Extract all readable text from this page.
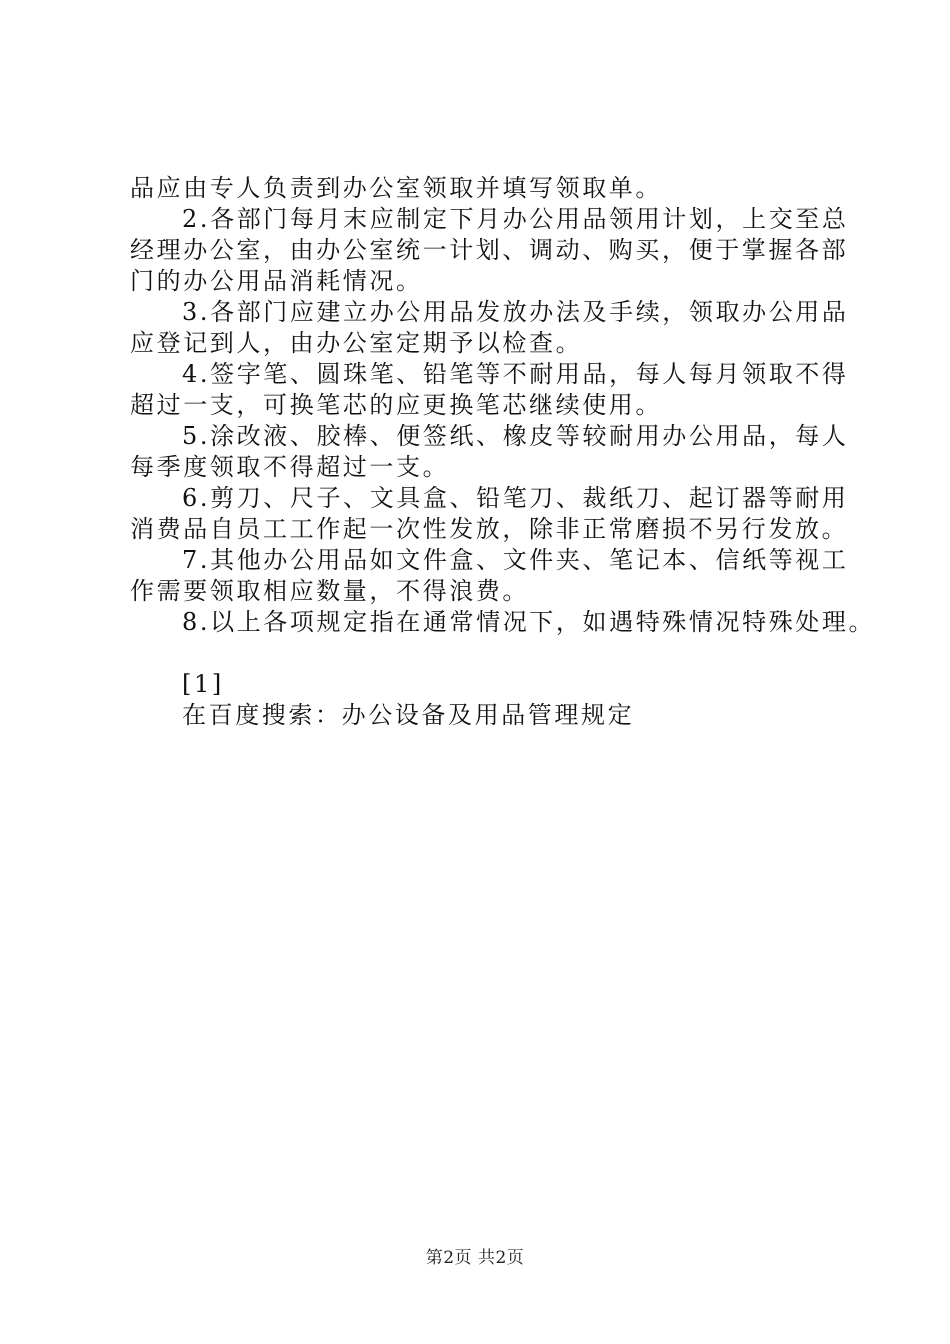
品应由专人负责到办公室领取并填写领取单。
2.各部门每月末应制定下月办公用品领用计划，上交至总
经理办公室，由办公室统一计划、调动、购买，便于掌握各部
门的办公用品消耗情况。
3.各部门应建立办公用品发放办法及手续，领取办公用品
应登记到人，由办公室定期予以检查。
4.签字笔、圆珠笔、铅笔等不耐用品，每人每月领取不得
超过一支，可换笔芯的应更换笔芯继续使用。
5.涂改液、胶棒、便签纸、橡皮等较耐用办公用品，每人
每季度领取不得超过一支。
6.剪刀、尺子、文具盒、铅笔刀、裁纸刀、起订器等耐用
消费品自员工工作起一次性发放，除非正常磨损不另行发放。
7.其他办公用品如文件盒、文件夹、笔记本、信纸等视工
作需要领取相应数量，不得浪费。
8.以上各项规定指在通常情况下，如遇特殊情况特殊处理。
[1]
在百度搜索：办公设备及用品管理规定
第2页 共2页
